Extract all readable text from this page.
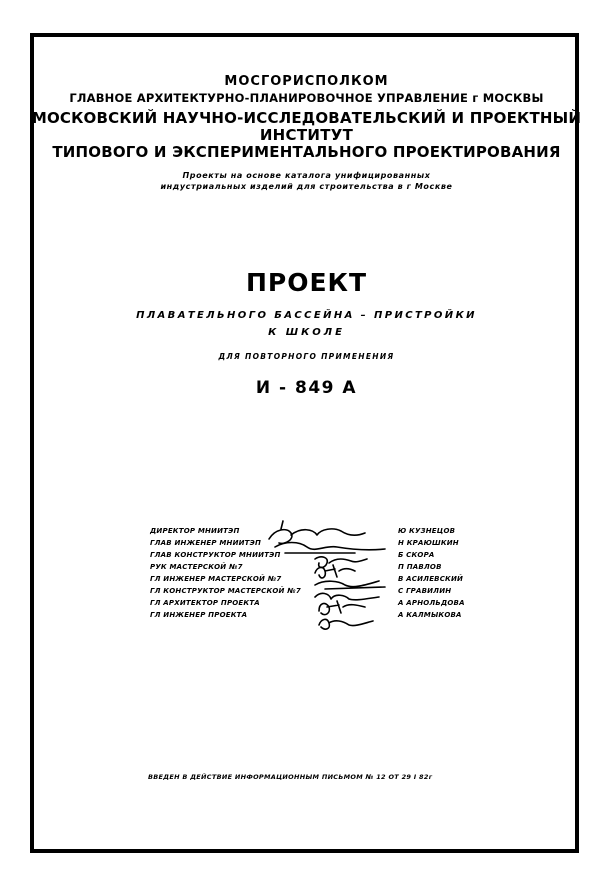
МОСГОРИСПОЛКОМ
ГЛАВНОЕ АРХИТЕКТУРНО-ПЛАНИРОВОЧНОЕ УПРАВЛЕНИЕ г МОСКВЫ
МОСКОВСКИЙ НАУЧНО-ИССЛЕДОВАТЕЛЬСКИЙ И ПРОЕКТНЫЙ
ИНСТИТУТ
ТИПОВОГО И ЭКСПЕРИМЕНТАЛЬНОГО ПРОЕКТИРОВАНИЯ
Проекты на основе каталога унифицированных
индустриальных изделий для строительства в г Москве
ПРОЕКТ
ПЛАВАТЕЛЬНОГО БАССЕЙНА – ПРИСТРОЙКИ
К ШКОЛЕ
ДЛЯ ПОВТОРНОГО ПРИМЕНЕНИЯ
И - 849 А
ДИРЕКТОР МНИИТЭП	Ю КУЗНЕЦОВ
ГЛАВ ИНЖЕНЕР МНИИТЭП	Н КРАЮШКИН
ГЛАВ КОНСТРУКТОР МНИИТЭП	Б СКОРА
РУК МАСТЕРСКОЙ №7	П ПАВЛОВ
ГЛ ИНЖЕНЕР МАСТЕРСКОЙ №7	В АСИЛЕВСКИЙ
ГЛ КОНСТРУКТОР МАСТЕРСКОЙ №7	С ГРАВИЛИН
ГЛ АРХИТЕКТОР ПРОЕКТА	А АРНОЛЬДОВА
ГЛ ИНЖЕНЕР ПРОЕКТА	А КАЛМЫКОВА
ВВЕДЕН В ДЕЙСТВИЕ ИНФОРМАЦИОННЫМ ПИСЬМОМ № 12 ОТ 29 I 82г
